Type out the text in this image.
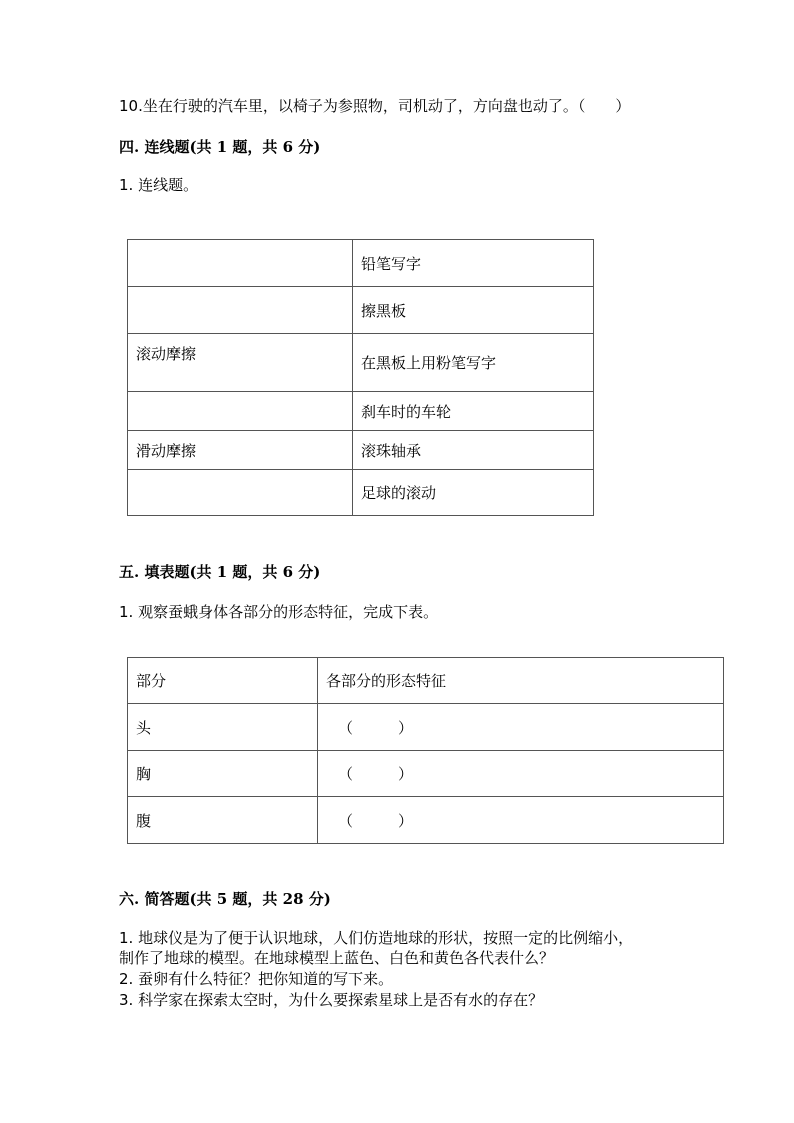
10.坐在行驶的汽车里，以椅子为参照物，司机动了，方向盘也动了。（　　）
四. 连线题(共 1 题，共 6 分)
1. 连线题。
	铅笔写字
	擦黑板
滚动摩擦	在黑板上用粉笔写字
	刹车时的车轮
滑动摩擦	滚珠轴承
	足球的滚动
五. 填表题(共 1 题，共 6 分)
1. 观察蚕蛾身体各部分的形态特征，完成下表。
部分	各部分的形态特征
头	（　　　）
胸	（　　　）
腹	（　　　）
六. 简答题(共 5 题，共 28 分)
1. 地球仪是为了便于认识地球，人们仿造地球的形状，按照一定的比例缩小，
制作了地球的模型。在地球模型上蓝色、白色和黄色各代表什么？
2. 蚕卵有什么特征？把你知道的写下来。
3. 科学家在探索太空时，为什么要探索星球上是否有水的存在？
